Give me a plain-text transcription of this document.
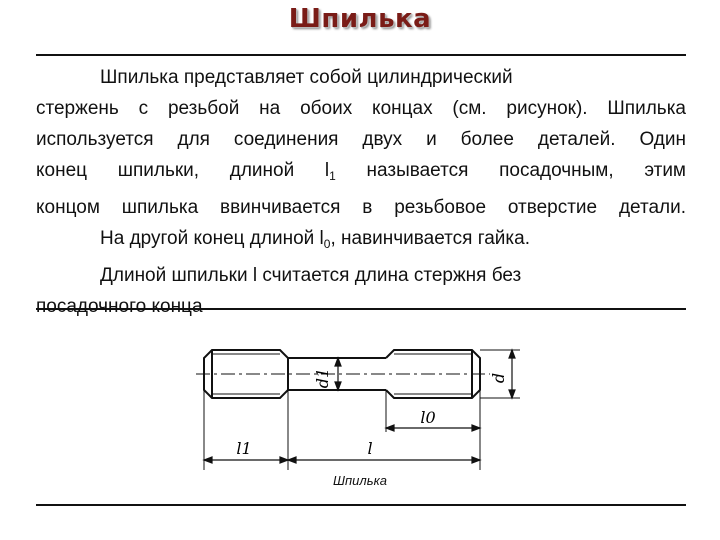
Шпилька
Шпилька представляет собой цилиндрический
стержень с резьбой на обоих концах (см. рисунок). Шпилька
используется для соединения двух и более деталей. Один
конец шпильки, длиной $l_1$ называется посадочным, этим
концом шпилька ввинчивается в резьбовое отверстие детали.
На другой конец длиной $l_0$, навинчивается гайка.
Длиной шпильки l считается длина стержня без
посадочного конца
d1	d
l0
l1	l
Шпилька
